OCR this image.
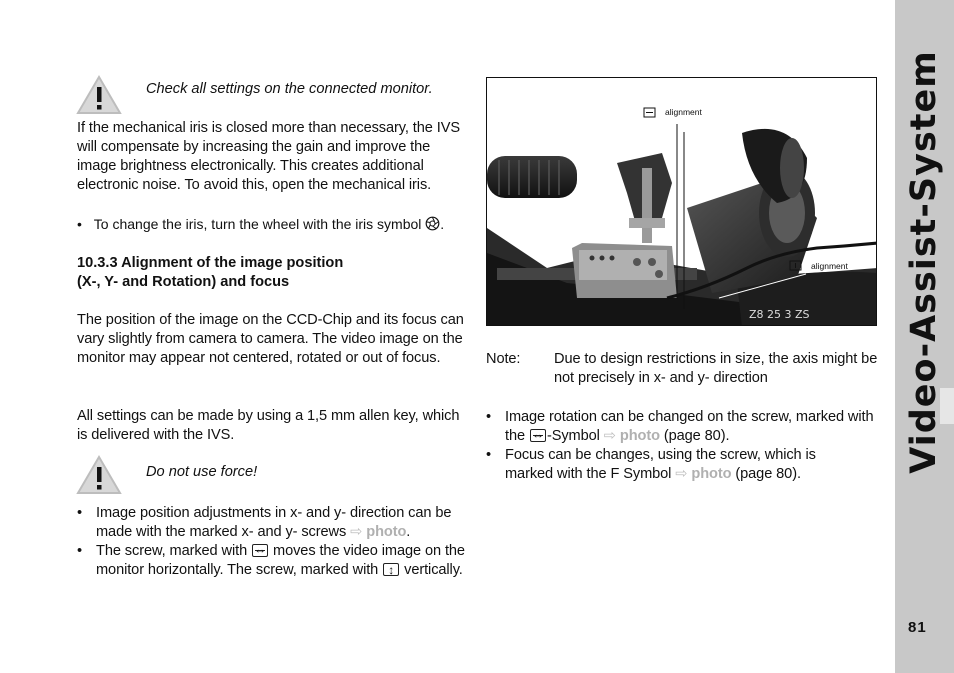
Check all settings on the connected monitor.
If the mechanical iris is closed more than necessary, the IVS will compensate by increasing the gain and improve the image brightness electronically. This creates additional electronic noise. To avoid this, open the mechanical iris.
• To change the iris, turn the wheel with the iris symbol .
10.3.3 Alignment of the image position
(X-, Y- and Rotation) and focus
The position of the image on the CCD-Chip and its focus can vary slightly from camera to camera. The video image on the monitor may appear not centered, rotated or out of focus.
All settings can be made by using a 1,5 mm allen key, which is delivered with the IVS.
Do not use force!
• Image position adjustments in x- and y- direction can be made with the marked x- and y- screws ⇨ photo.
• The screw, marked with ↔ moves the video image on the monitor horizontally. The screw, marked with ↕ vertically.
Z8 25 3 ZS
alignment
alignment
Note: Due to design restrictions in size, the axis might be not precisely in x- and y- direction
• Image rotation can be changed on the screw, marked with the ↔ -Symbol ⇨ photo (page 80).
• Focus can be changes, using the screw, which is marked with the F Symbol ⇨ photo (page 80).
Video-Assist-System
81
